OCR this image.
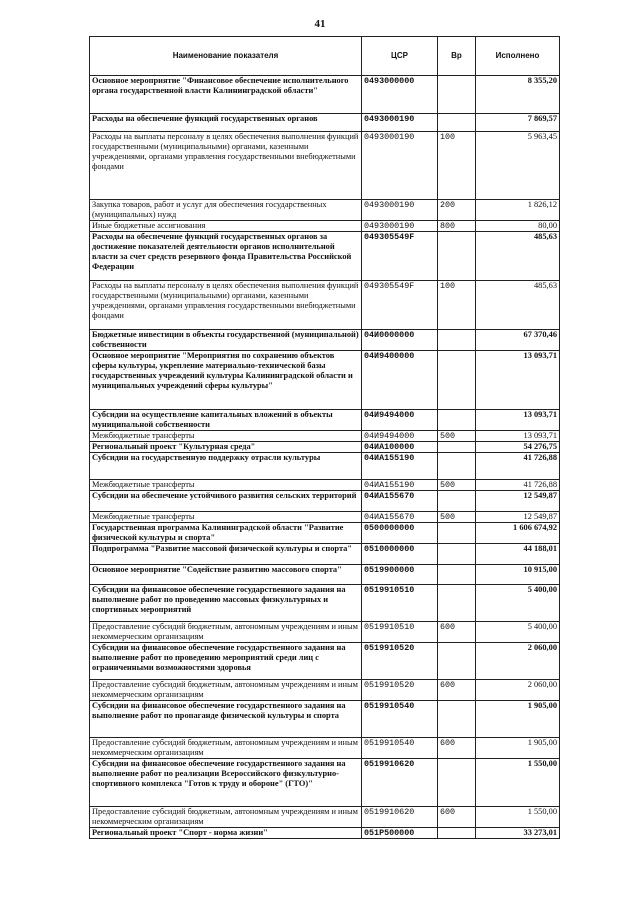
41
Наименование показателя	ЦСР	Вр	Исполнено
Основное мероприятие "Финансовое обеспечение исполнительного органа государственной власти Калининградской области"	0493000000		8 355,20
Расходы на обеспечение функций государственных органов	0493000190		7 869,57
Расходы на выплаты персоналу в целях обеспечения выполнения функций государственными (муниципальными) органами, казенными учреждениями, органами управления государственными внебюджетными фондами	0493000190	100	5 963,45
Закупка товаров, работ и услуг для обеспечения государственных (муниципальных) нужд	0493000190	200	1 826,12
Иные бюджетные ассигнования	0493000190	800	80,00
Расходы на обеспечение функций государственных органов за достижение показателей деятельности органов исполнительной власти за счет средств резервного фонда Правительства Российской Федерации	049305549F		485,63
Расходы на выплаты персоналу в целях обеспечения выполнения функций государственными (муниципальными) органами, казенными учреждениями, органами управления государственными внебюджетными фондами	049305549F	100	485,63
Бюджетные инвестиции в объекты государственной (муниципальной) собственности	04И0000000		67 370,46
Основное мероприятие "Мероприятия по сохранению объектов сферы культуры, укрепление материально-технической базы государственных учреждений культуры Калининградской области и муниципальных учреждений сферы культуры"	04И9400000		13 093,71
Субсидии на осуществление капитальных вложений в объекты муниципальной собственности	04И9494000		13 093,71
Межбюджетные трансферты	04И9494000	500	13 093,71
Региональный проект "Культурная среда"	04ИА100000		54 276,75
Субсидии на государственную поддержку отрасли культуры	04ИА155190		41 726,88
Межбюджетные трансферты	04ИА155190	500	41 726,88
Субсидии на обеспечение устойчивого развития сельских территорий	04ИА155670		12 549,87
Межбюджетные трансферты	04ИА155670	500	12 549,87
Государственная программа Калининградской области "Развитие физической культуры и спорта"	0500000000		1 606 674,92
Подпрограмма "Развитие массовой физической культуры и спорта"	0510000000		44 188,01
Основное мероприятие "Содействие развитию массового спорта"	0519900000		10 915,00
Субсидии на финансовое обеспечение государственного задания на выполнение работ по проведению массовых физкультурных и спортивных мероприятий	0519910510		5 400,00
Предоставление субсидий бюджетным, автономным учреждениям и иным некоммерческим организациям	0519910510	600	5 400,00
Субсидии на финансовое обеспечение государственного задания на выполнение работ по проведению мероприятий среди лиц с ограниченными возможностями здоровья	0519910520		2 060,00
Предоставление субсидий бюджетным, автономным учреждениям и иным некоммерческим организациям	0519910520	600	2 060,00
Субсидии на финансовое обеспечение государственного задания на выполнение работ по пропаганде физической культуры и спорта	0519910540		1 905,00
Предоставление субсидий бюджетным, автономным учреждениям и иным некоммерческим организациям	0519910540	600	1 905,00
Субсидии на финансовое обеспечение государственного задания на выполнение работ по реализации Всероссийского физкультурно-спортивного комплекса "Готов к труду и обороне" (ГТО)"	0519910620		1 550,00
Предоставление субсидий бюджетным, автономным учреждениям и иным некоммерческим организациям	0519910620	600	1 550,00
Региональный проект "Спорт - норма жизни"	051P500000		33 273,01
